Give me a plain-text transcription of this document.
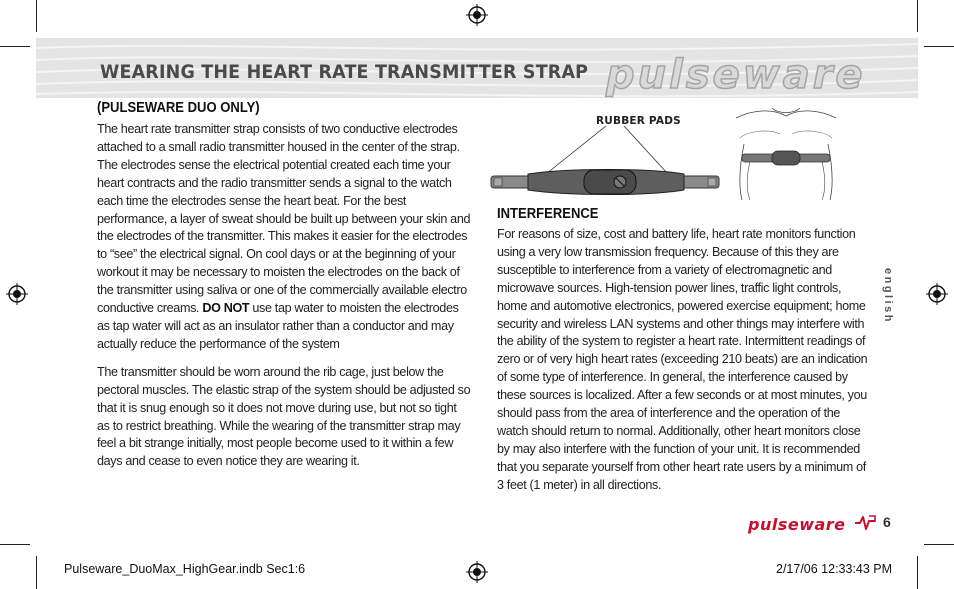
WEARING THE HEART RATE TRANSMITTER STRAP pulseware
(PULSEWARE DUO ONLY)

The heart rate transmitter strap consists of two conductive electrodes attached to a small radio transmitter housed in the center of the strap. The electrodes sense the electrical potential created each time your heart contracts and the radio transmitter sends a signal to the watch each time the electrodes sense the heart beat. For the best performance, a layer of sweat should be built up between your skin and the electrodes of the transmitter. This makes it easier for the electrodes to “see” the electrical signal. On cool days or at the beginning of your workout it may be necessary to moisten the electrodes on the back of the transmitter using saliva or one of the commercially available electro conductive creams. DO NOT use tap water to moisten the electrodes as tap water will act as an insulator rather than a conductor and may actually reduce the performance of the system

The transmitter should be worn around the rib cage, just below the pectoral muscles. The elastic strap of the system should be adjusted so that it is snug enough so it does not move during use, but not so tight as to restrict breathing. While the wearing of the transmitter strap may feel a bit strange initially, most people become used to it within a few days and cease to even notice they are wearing it.

RUBBER PADS
INTERFERENCE

For reasons of size, cost and battery life, heart rate monitors function using a very low transmission frequency. Because of this they are susceptible to interference from a variety of electromagnetic and microwave sources. High-tension power lines, traffic light controls, home and automotive electronics, powered exercise equipment; home security and wireless LAN systems and other things may interfere with the ability of the system to register a heart rate. Intermittent readings of zero or of very high heart rates (exceeding 210 beats) are an indication of some type of interference. In general, the interference caused by these sources is localized. After a few seconds or at most minutes, you should pass from the area of interference and the operation of the watch should return to normal. Additionally, other heart monitors close by may also interfere with the function of your unit. It is recommended that you separate yourself from other heart rate users by a minimum of 3 feet (1 meter) in all directions.

english
pulseware	6
Pulseware_DuoMax_HighGear.indb Sec1:6	2/17/06 12:33:43 PM
